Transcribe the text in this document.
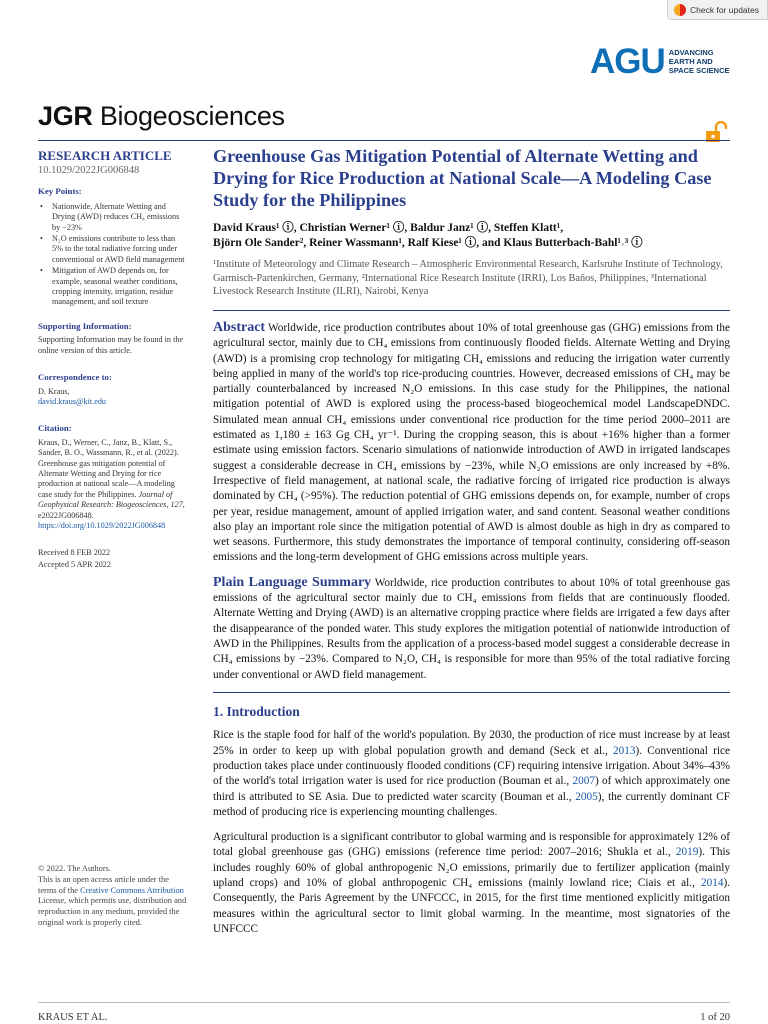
Check for updates
AGU ADVANCING
EARTH AND
SPACE SCIENCE
JGR Biogeosciences
RESEARCH ARTICLE
10.1029/2022JG006848
Key Points:
• Nationwide, Alternate Wetting and Drying (AWD) reduces CH₄ emissions by −23%
• N₂O emissions contribute to less than 5% to the total radiative forcing under conventional or AWD field management
• Mitigation of AWD depends on, for example, seasonal weather conditions, cropping intensity, irrigation, residue management, and soil texture
Supporting Information:
Supporting Information may be found in the online version of this article.
Correspondence to:
D. Kraus,
david.kraus@kit.edu
Citation:
Kraus, D., Werner, C., Janz, B., Klatt, S., Sander, B. O., Wassmann, R., et al. (2022). Greenhouse gas mitigation potential of Alternate Wetting and Drying for rice production at national scale—A modeling case study for the Philippines. Journal of Geophysical Research: Biogeosciences, 127, e2022JG006848. https://doi.org/10.1029/2022JG006848
Received 8 FEB 2022
Accepted 5 APR 2022
© 2022. The Authors.
This is an open access article under the terms of the Creative Commons Attribution License, which permits use, distribution and reproduction in any medium, provided the original work is properly cited.
Greenhouse Gas Mitigation Potential of Alternate Wetting and Drying for Rice Production at National Scale—A Modeling Case Study for the Philippines
David Kraus¹ ⓘ, Christian Werner¹ ⓘ, Baldur Janz¹ ⓘ, Steffen Klatt¹,
Björn Ole Sander², Reiner Wassmann¹, Ralf Kiese¹ ⓘ, and Klaus Butterbach-Bahl¹˒³ ⓘ
¹Institute of Meteorology and Climate Research – Atmospheric Environmental Research, Karlsruhe Institute of Technology, Garmisch-Partenkirchen, Germany, ²International Rice Research Institute (IRRI), Los Baños, Philippines, ³International Livestock Research Institute (ILRI), Nairobi, Kenya
Abstract Worldwide, rice production contributes about 10% of total greenhouse gas (GHG) emissions from the agricultural sector, mainly due to CH₄ emissions from continuously flooded fields. Alternate Wetting and Drying (AWD) is a promising crop technology for mitigating CH₄ emissions and reducing the irrigation water currently being applied in many of the world's top rice-producing countries. However, decreased emissions of CH₄ may be partially counterbalanced by increased N₂O emissions. In this case study for the Philippines, the national mitigation potential of AWD is explored using the process-based biogeochemical model LandscapeDNDC. Simulated mean annual CH₄ emissions under conventional rice production for the time period 2000–2011 are estimated as 1,180 ± 163 Gg CH₄ yr⁻¹. During the cropping season, this is about +16% higher than a former estimate using emission factors. Scenario simulations of nationwide introduction of AWD in irrigated landscapes suggest a considerable decrease in CH₄ emissions by −23%, while N₂O emissions are only increased by +8%. Irrespective of field management, at national scale, the radiative forcing of irrigated rice production is always dominated by CH₄ (>95%). The reduction potential of GHG emissions depends on, for example, number of crops per year, residue management, amount of applied irrigation water, and sand content. Seasonal weather conditions also play an important role since the mitigation potential of AWD is almost double as high in dry as compared to wet seasons. Furthermore, this study demonstrates the importance of temporal continuity, considering off-season emissions and the long-term development of GHG emissions across multiple years.
Plain Language Summary Worldwide, rice production contributes to about 10% of total greenhouse gas emissions of the agricultural sector mainly due to CH₄ emissions from fields that are continuously flooded. Alternate Wetting and Drying (AWD) is an alternative cropping practice where fields are irrigated a few days after the disappearance of the ponded water. This study explores the mitigation potential of nationwide introduction of AWD in the Philippines. Results from the application of a process-based model suggest a considerable decrease in CH₄ emissions by −23%. Compared to N₂O, CH₄ is responsible for more than 95% of the total radiative forcing under conventional or AWD field management.
1. Introduction
Rice is the staple food for half of the world's population. By 2030, the production of rice must increase by at least 25% in order to keep up with global population growth and demand (Seck et al., 2013). Conventional rice production takes place under continuously flooded conditions (CF) requiring intensive irrigation. About 34%–43% of the world's total irrigation water is used for rice production (Bouman et al., 2007) of which approximately one third is attributed to SE Asia. Due to predicted water scarcity (Bouman et al., 2005), the currently dominant CF method of producing rice is experiencing mounting challenges.
Agricultural production is a significant contributor to global warming and is responsible for approximately 12% of total global greenhouse gas (GHG) emissions (reference time period: 2007–2016; Shukla et al., 2019). This includes roughly 60% of global anthropogenic N₂O emissions, primarily due to fertilizer application (mainly upland crops) and 10% of global anthropogenic CH₄ emissions (mainly lowland rice; Ciais et al., 2014). Consequently, the Paris Agreement by the UNFCCC, in 2015, for the first time mentioned explicitly mitigation measures within the agricultural sector to limit global warming. In the meantime, most signatories of the UNFCCC
KRAUS ET AL.	1 of 20
